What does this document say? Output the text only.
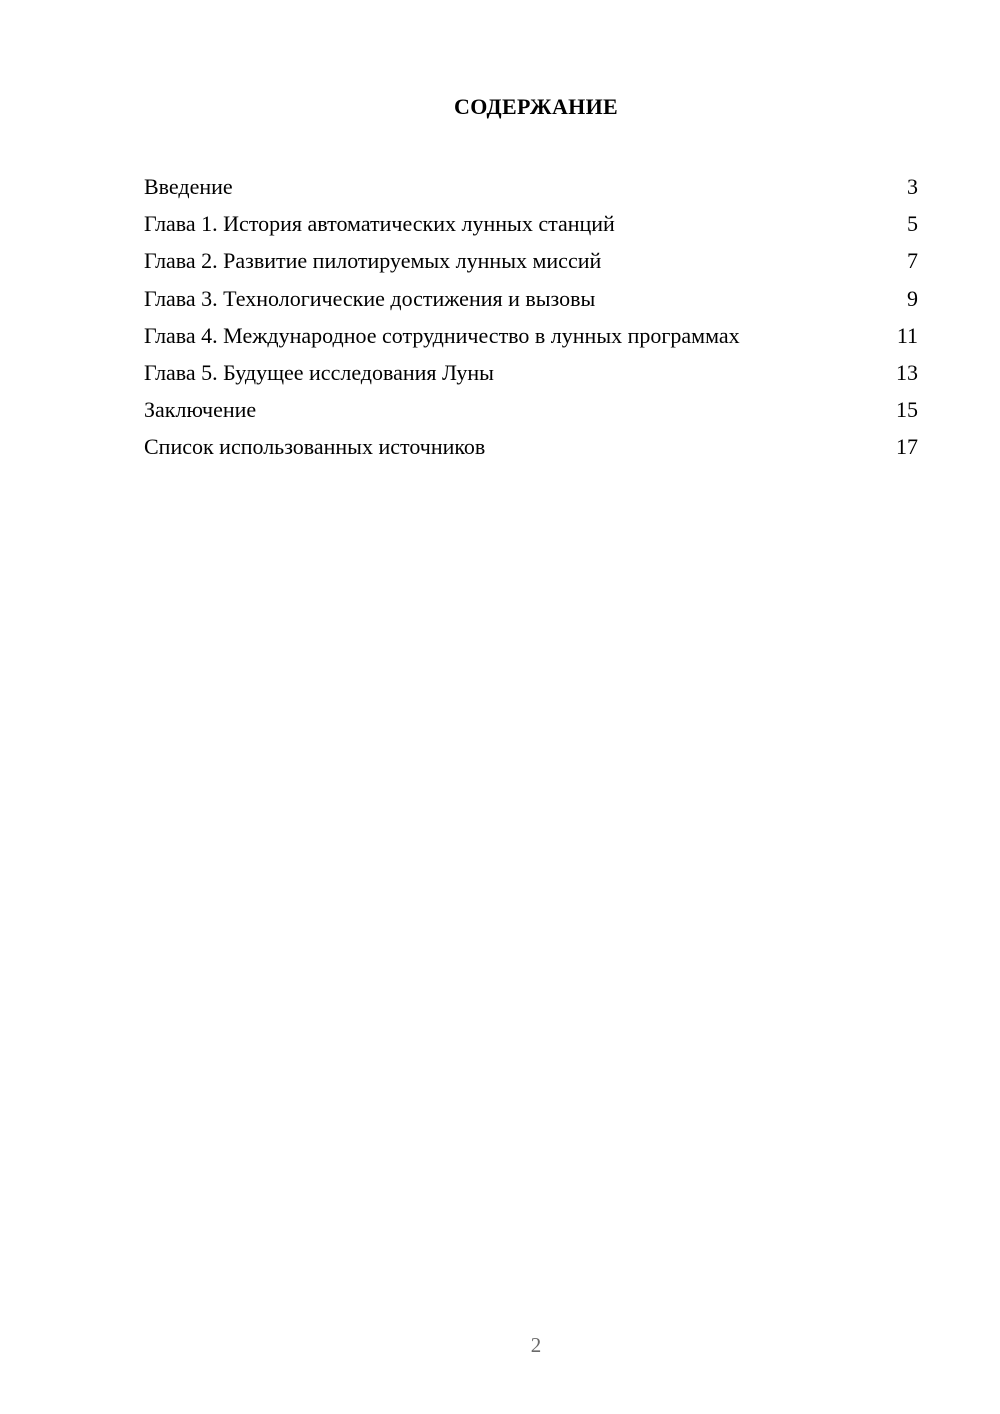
СОДЕРЖАНИЕ
Введение	3
Глава 1. История автоматических лунных станций	5
Глава 2. Развитие пилотируемых лунных миссий	7
Глава 3. Технологические достижения и вызовы	9
Глава 4. Международное сотрудничество в лунных программах	11
Глава 5. Будущее исследования Луны	13
Заключение	15
Список использованных источников	17
2
